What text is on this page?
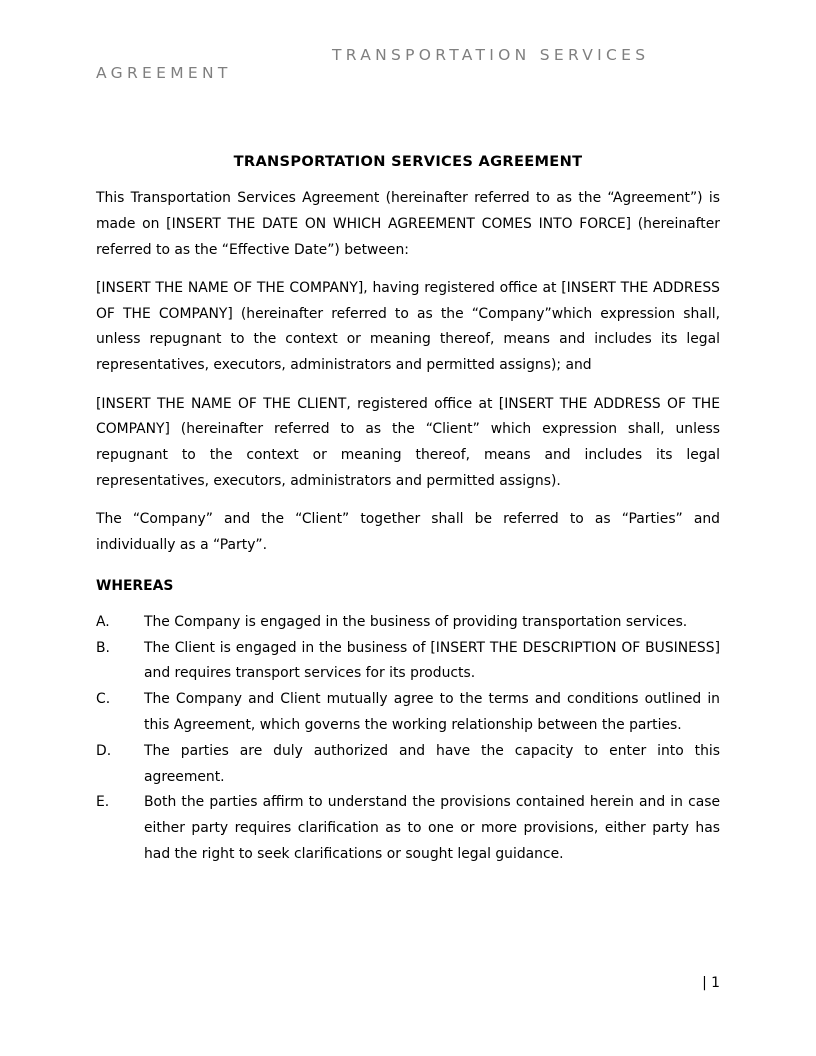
TRANSPORTATION SERVICES AGREEMENT

TRANSPORTATION SERVICES AGREEMENT

This Transportation Services Agreement (hereinafter referred to as the “Agreement”) is made on [INSERT THE DATE ON WHICH AGREEMENT COMES INTO FORCE] (hereinafter referred to as the “Effective Date”) between:

[INSERT THE NAME OF THE COMPANY], having registered office at [INSERT THE ADDRESS OF THE COMPANY] (hereinafter referred to as the “Company”which expression shall, unless repugnant to the context or meaning thereof, means and includes its legal representatives, executors, administrators and permitted assigns); and

[INSERT THE NAME OF THE CLIENT, registered office at [INSERT THE ADDRESS OF THE COMPANY] (hereinafter referred to as the “Client” which expression shall, unless repugnant to the context or meaning thereof, means and includes its legal representatives, executors, administrators and permitted assigns).

The “Company” and the “Client” together shall be referred to as “Parties” and individually as a “Party”.

WHEREAS

A.	The Company is engaged in the business of providing transportation services.
B.	The Client is engaged in the business of [INSERT THE DESCRIPTION OF BUSINESS] and requires transport services for its products.
C.	The Company and Client mutually agree to the terms and conditions outlined in this Agreement, which governs the working relationship between the parties.
D.	The parties are duly authorized and have the capacity to enter into this agreement.
E.	Both the parties affirm to understand the provisions contained herein and in case either party requires clarification as to one or more provisions, either party has had the right to seek clarifications or sought legal guidance.

| 1
